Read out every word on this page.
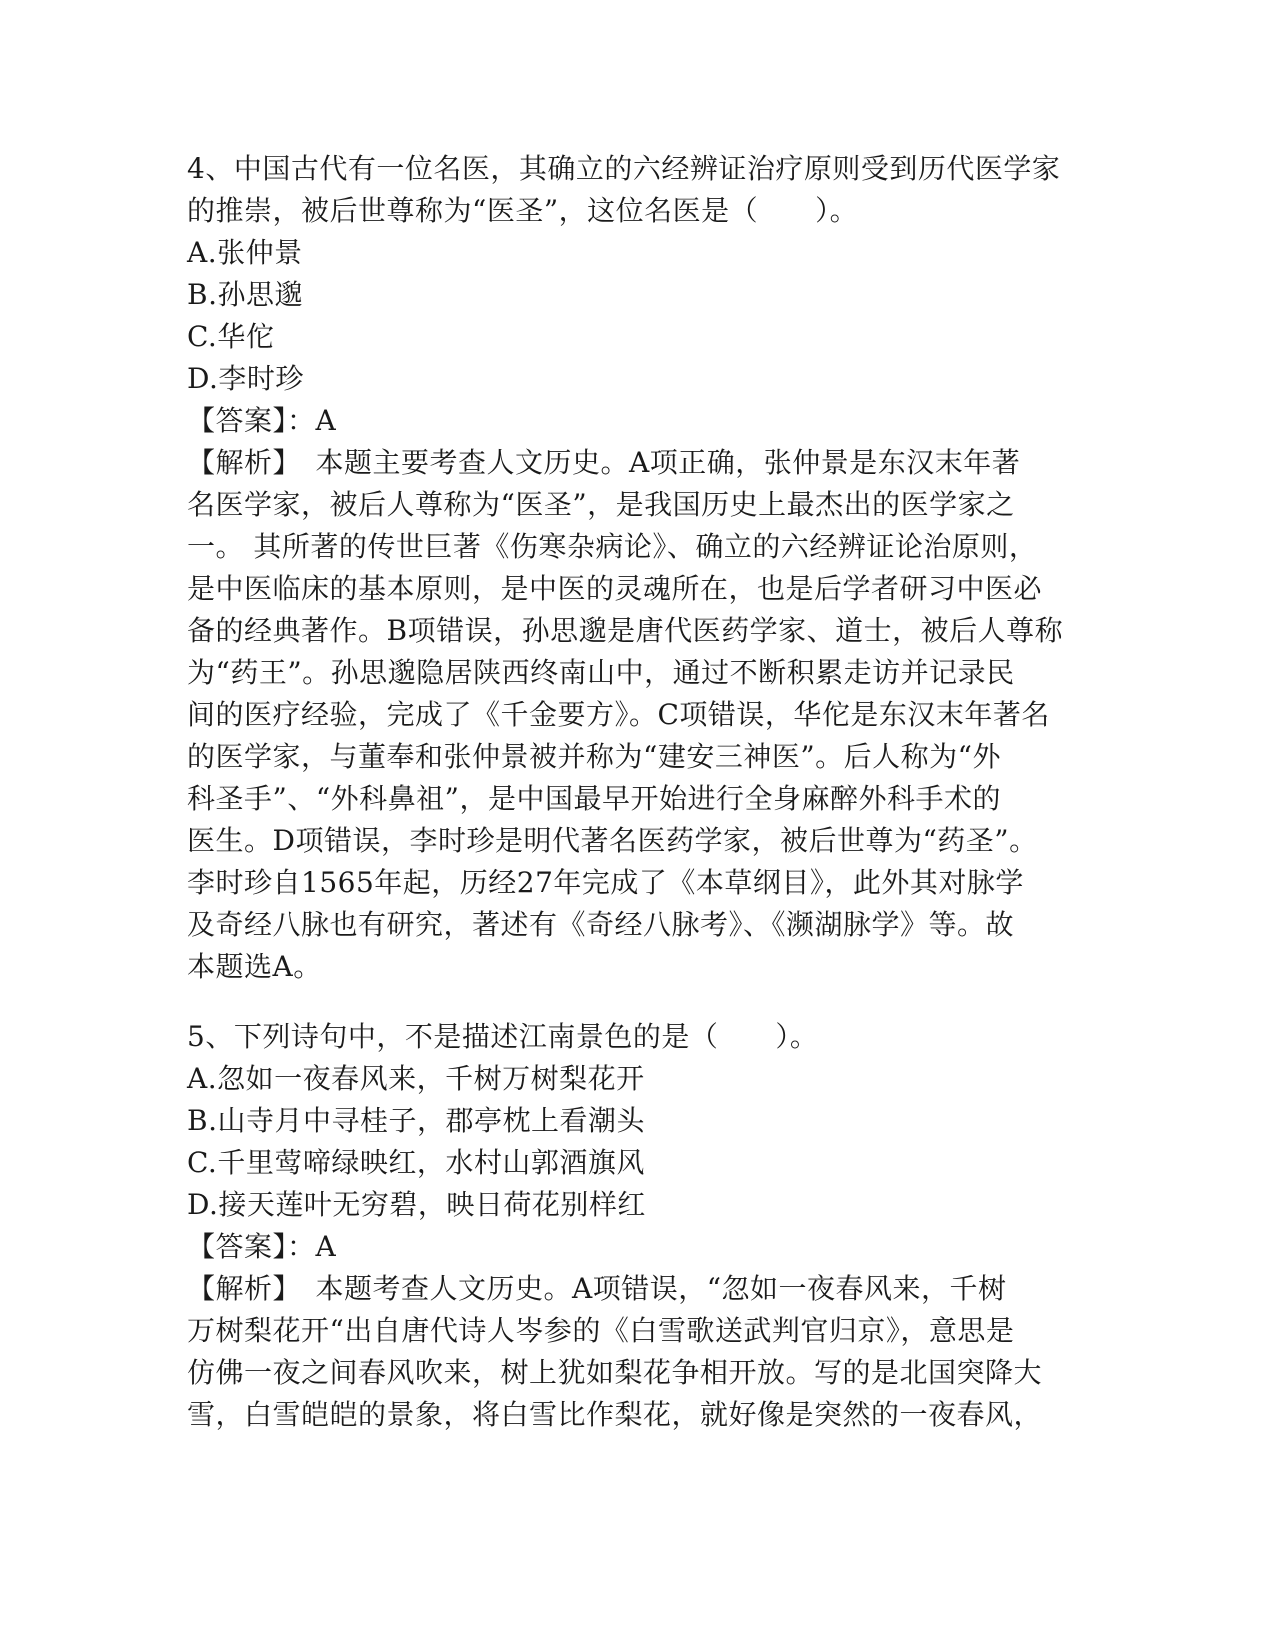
4、中国古代有一位名医，其确立的六经辨证治疗原则受到历代医学家
的推崇，被后世尊称为“医圣”，这位名医是（　　）。
A.张仲景
B.孙思邈
C.华佗
D.李时珍
【答案】：A
【解析】　本题主要考查人文历史。A项正确，张仲景是东汉末年著
名医学家，被后人尊称为“医圣”，是我国历史上最杰出的医学家之
一。 其所著的传世巨著《伤寒杂病论》、确立的六经辨证论治原则，
是中医临床的基本原则，是中医的灵魂所在，也是后学者研习中医必
备的经典著作。B项错误，孙思邈是唐代医药学家、道士，被后人尊称
为“药王”。孙思邈隐居陕西终南山中，通过不断积累走访并记录民
间的医疗经验，完成了《千金要方》。C项错误，华佗是东汉末年著名
的医学家，与董奉和张仲景被并称为“建安三神医”。后人称为“外
科圣手”、“外科鼻祖”，是中国最早开始进行全身麻醉外科手术的
医生。D项错误，李时珍是明代著名医药学家，被后世尊为“药圣”。
李时珍自1565年起，历经27年完成了《本草纲目》，此外其对脉学
及奇经八脉也有研究，著述有《奇经八脉考》、《濒湖脉学》等。故
本题选A。
5、下列诗句中，不是描述江南景色的是（　　）。
A.忽如一夜春风来，千树万树梨花开
B.山寺月中寻桂子，郡亭枕上看潮头
C.千里莺啼绿映红，水村山郭酒旗风
D.接天莲叶无穷碧，映日荷花别样红
【答案】：A
【解析】　本题考查人文历史。A项错误，“忽如一夜春风来，千树
万树梨花开“出自唐代诗人岑参的《白雪歌送武判官归京》，意思是
仿佛一夜之间春风吹来，树上犹如梨花争相开放。写的是北国突降大
雪，白雪皑皑的景象，将白雪比作梨花，就好像是突然的一夜春风，
